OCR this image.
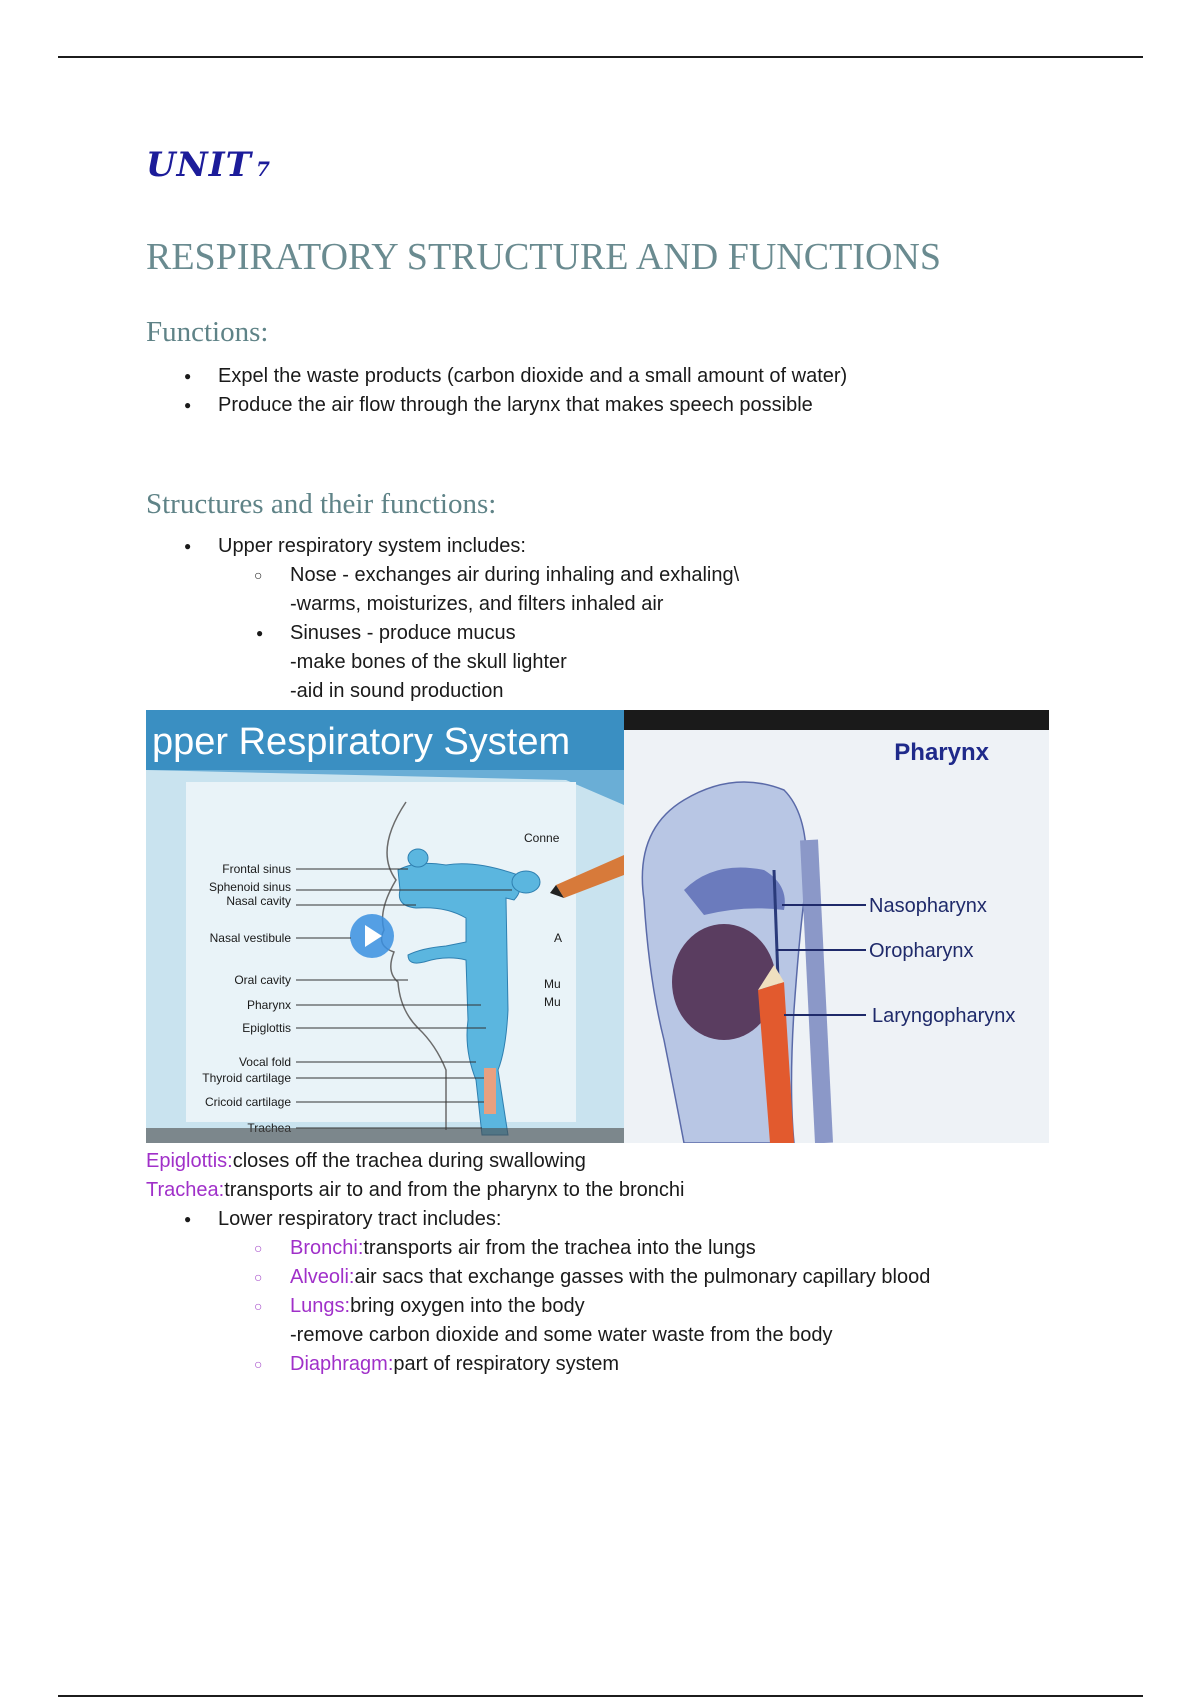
UNIT 7
RESPIRATORY STRUCTURE AND FUNCTIONS
Functions:
● Expel the waste products (carbon dioxide and a small amount of water)
● Produce the air flow through the larynx that makes speech possible
Structures and their functions:
● Upper respiratory system includes:
○ Nose - exchanges air during inhaling and exhaling\
-warms, moisturizes, and filters inhaled air
● Sinuses - produce mucus
-make bones of the skull lighter
-aid in sound production
pper Respiratory System
Frontal sinus
Sphenoid sinus
Nasal cavity
Nasal vestibule
Oral cavity
Pharynx
Epiglottis
Vocal fold
Thyroid cartilage
Cricoid cartilage
Conne
A
Mu
Mu
Pharynx
Nasopharynx
Oropharynx
Laryngopharynx
Epiglottis:closes off the trachea during swallowing
Trachea:transports air to and from the pharynx to the bronchi
● Lower respiratory tract includes:
○ Bronchi:transports air from the trachea into the lungs
○ Alveoli:air sacs that exchange gasses with the pulmonary capillary blood
○ Lungs:bring oxygen into the body
-remove carbon dioxide and some water waste from the body
○ Diaphragm:part of respiratory system
